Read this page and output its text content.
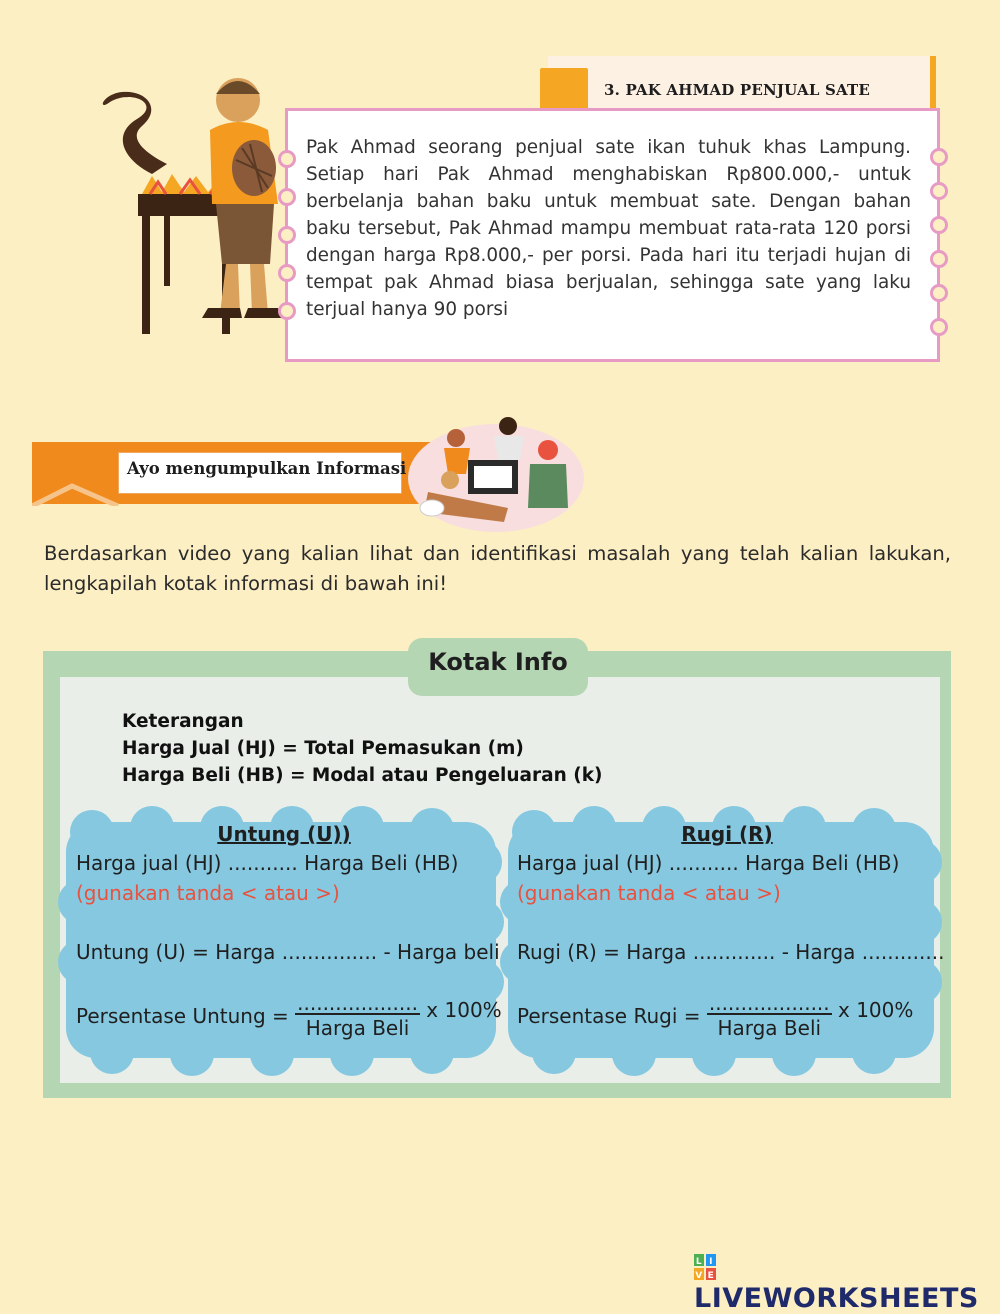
3. PAK AHMAD PENJUAL SATE
Pak Ahmad seorang penjual sate ikan tuhuk khas Lampung. Setiap hari Pak Ahmad menghabiskan Rp800.000,- untuk berbelanja bahan baku untuk membuat sate. Dengan bahan baku tersebut, Pak Ahmad mampu membuat rata-rata 120 porsi dengan harga Rp8.000,- per porsi. Pada hari itu terjadi hujan di tempat pak Ahmad biasa berjualan, sehingga sate yang laku terjual hanya 90 porsi
Ayo mengumpulkan Informasi
Berdasarkan video yang kalian lihat dan identifikasi masalah yang telah kalian lakukan, lengkapilah kotak informasi di bawah ini!
Kotak Info
Keterangan
Harga Jual (HJ) = Total Pemasukan (m)
Harga Beli (HB) = Modal atau Pengeluaran (k)
Untung (U))
Harga jual (HJ) ........... Harga Beli (HB)
(gunakan tanda < atau >)
Untung (U) = Harga ............... - Harga beli
Persentase Untung = $\frac{...................}{\text{Harga Beli}}$ x 100%
Rugi (R)
Harga jual (HJ) ........... Harga Beli (HB)
(gunakan tanda < atau >)
Rugi (R) = Harga ............. - Harga .............
Persentase Rugi = $\frac{...................}{\text{Harga Beli}}$ x 100%
L I
V E
LIVEWORKSHEETS
